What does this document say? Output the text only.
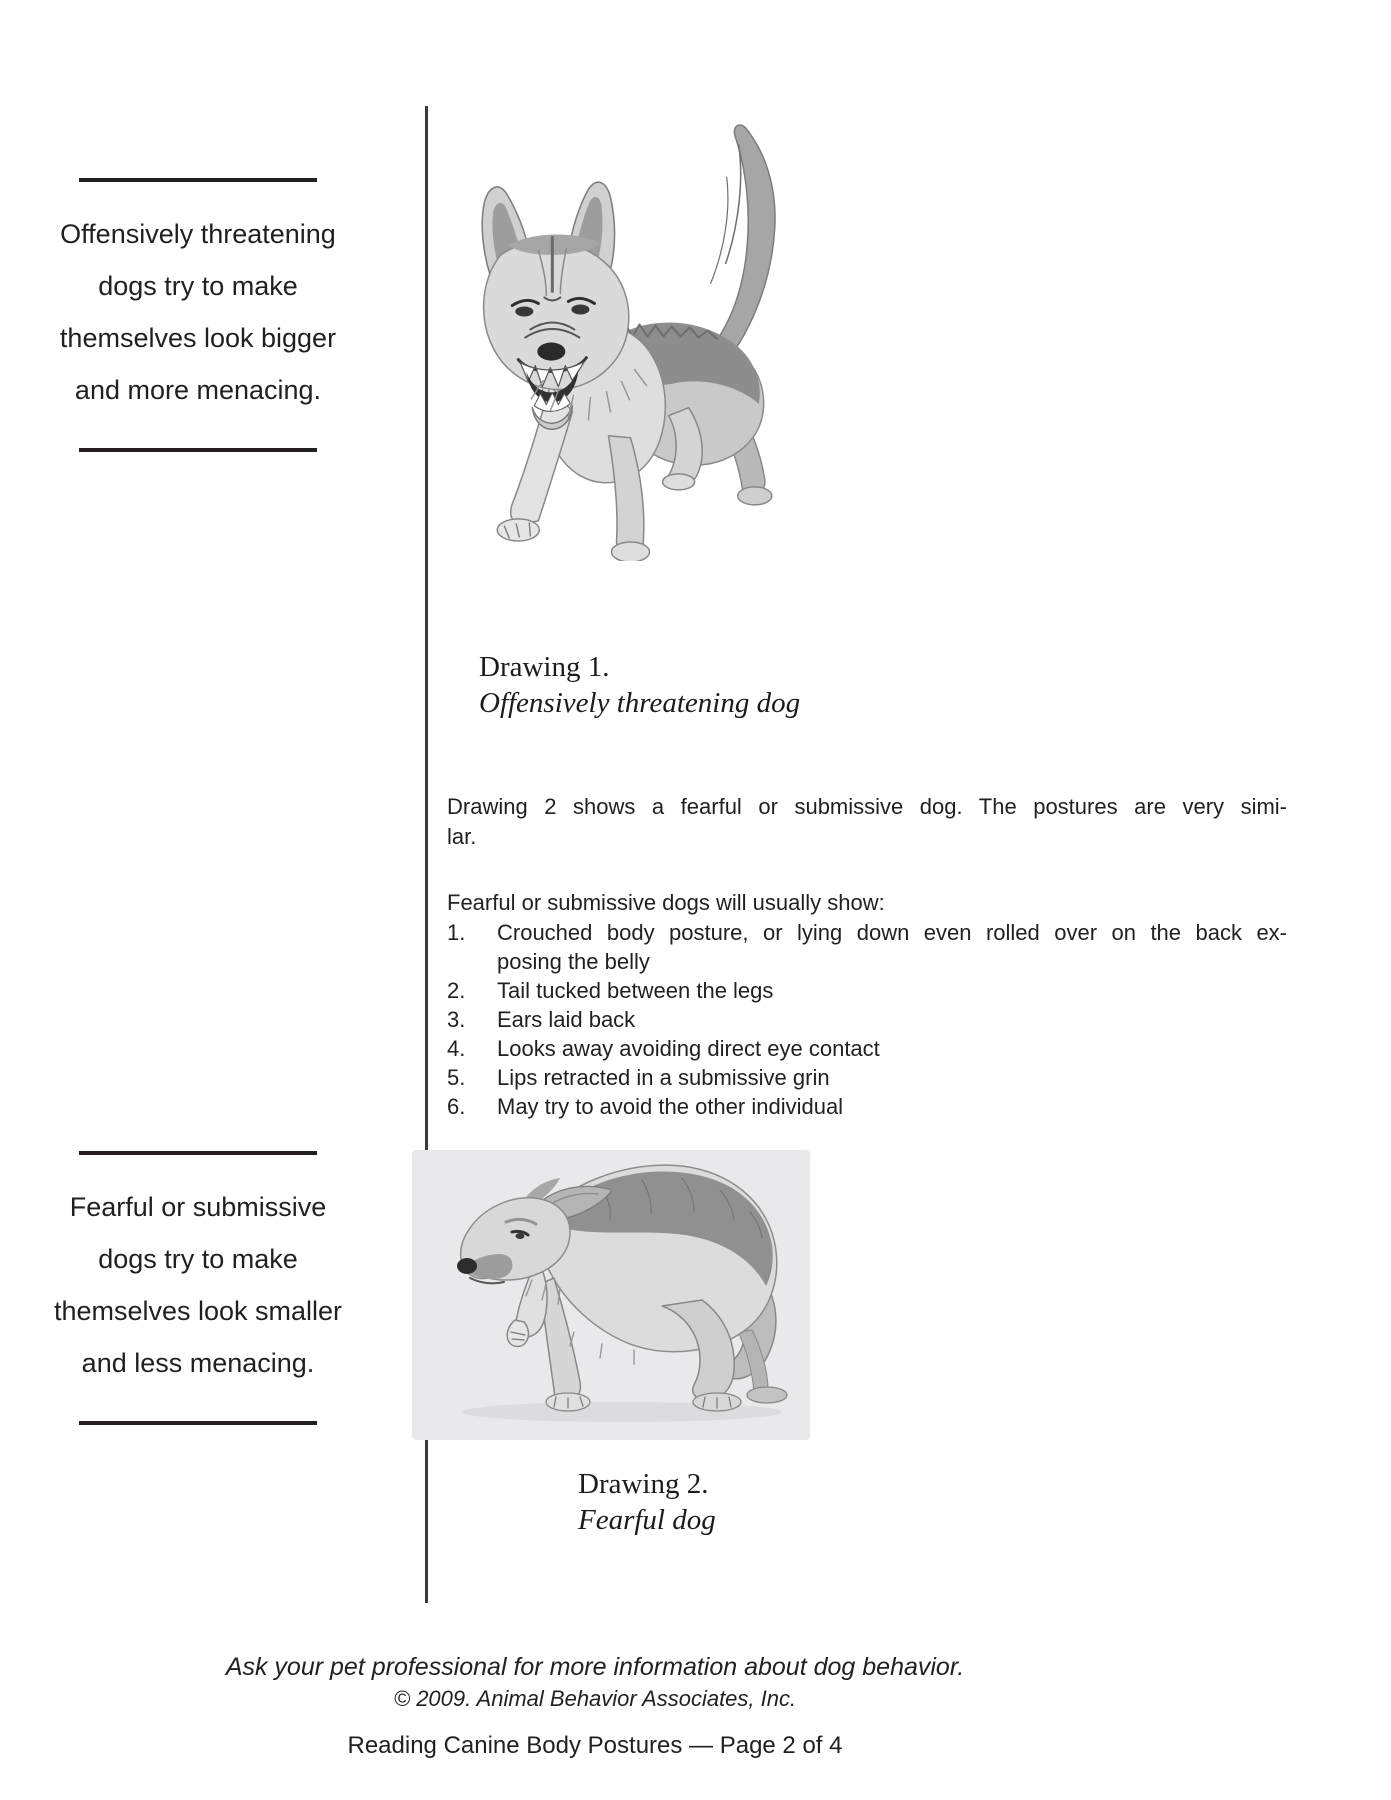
Offensively threatening
dogs try to make
themselves look bigger
and more menacing.
Fearful or submissive
dogs try to make
themselves look smaller
and less menacing.
Drawing 1.
Offensively threatening dog
Drawing 2 shows a fearful or submissive dog. The postures are very simi-
lar.
Fearful or submissive dogs will usually show:
1. Crouched body posture, or lying down even rolled over on the back ex-
posing the belly
2. Tail tucked between the legs
3. Ears laid back
4. Looks away avoiding direct eye contact
5. Lips retracted in a submissive grin
6. May try to avoid the other individual
Drawing 2.
Fearful dog
Ask your pet professional for more information about dog behavior.
© 2009. Animal Behavior Associates, Inc.
Reading Canine Body Postures — Page 2 of 4
